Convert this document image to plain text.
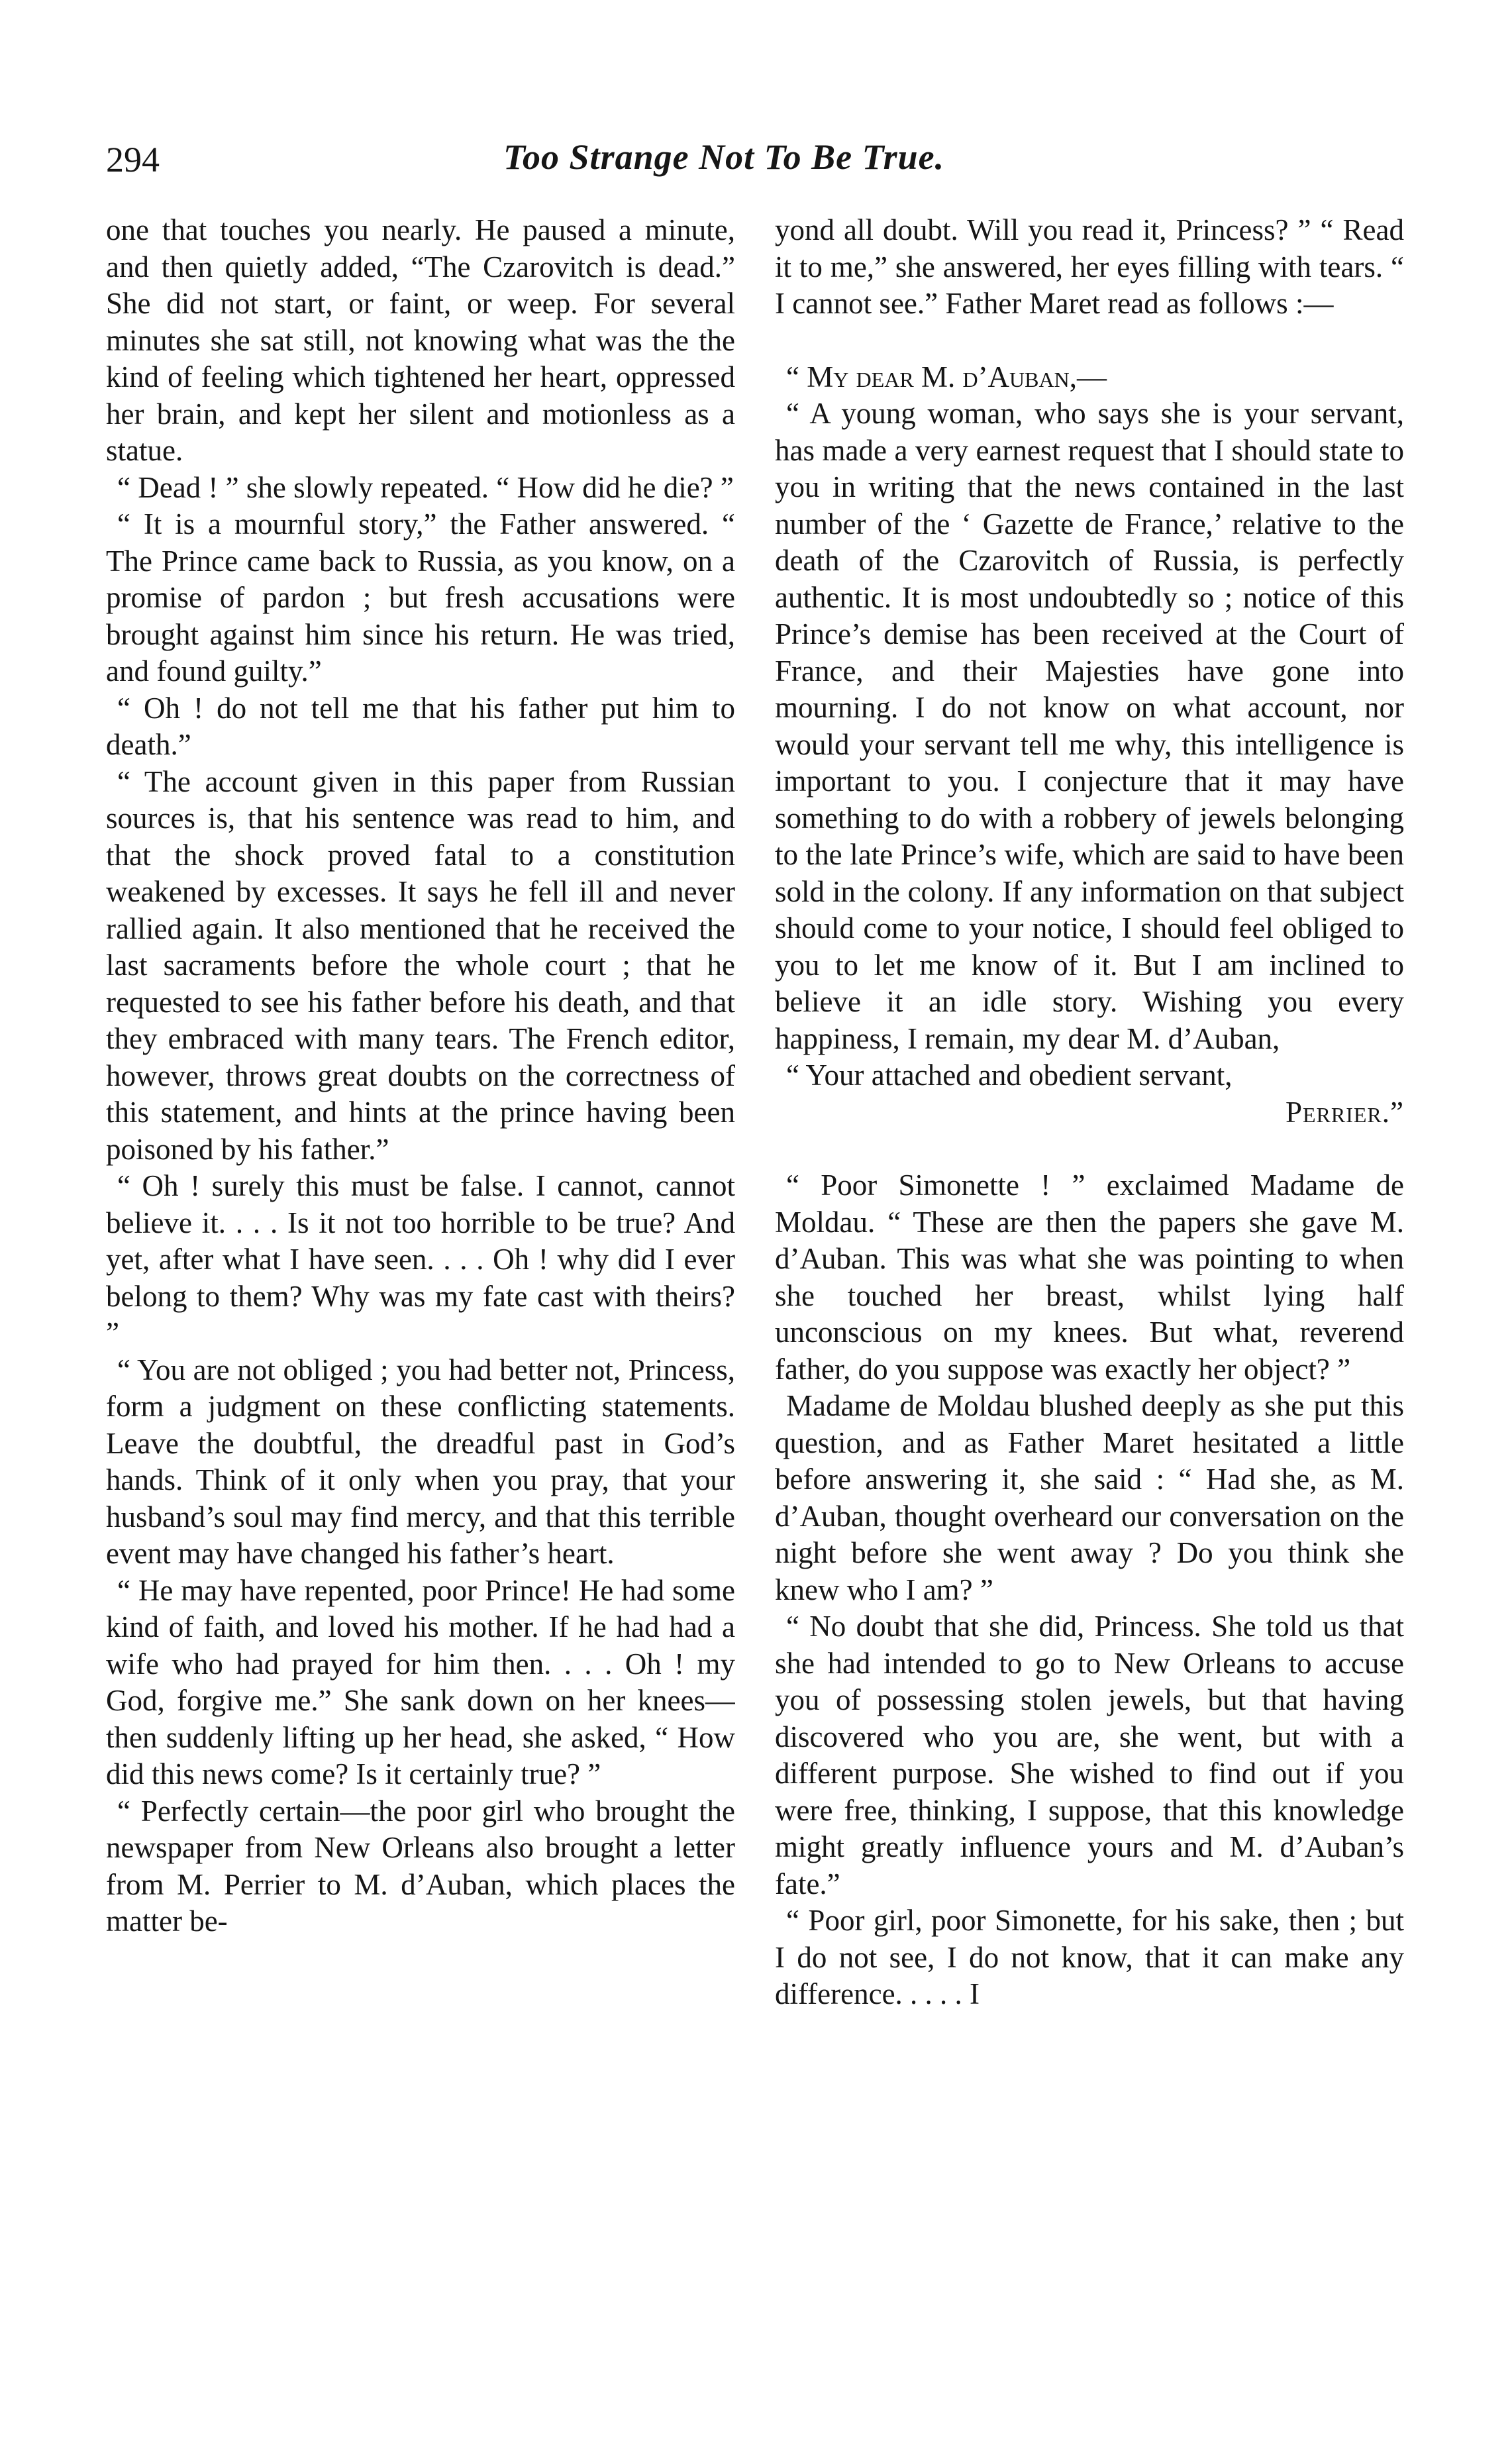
294	Too Strange Not To Be True.

one that touches you nearly. He paused a minute, and then quietly added, “The Czarovitch is dead.” She did not start, or faint, or weep. For several minutes she sat still, not knowing what was the the kind of feeling which tightened her heart, oppressed her brain, and kept her silent and motionless as a statue.

“ Dead ! ” she slowly repeated. “ How did he die? ”

“ It is a mournful story,” the Father answered. “ The Prince came back to Russia, as you know, on a promise of pardon ; but fresh accusations were brought against him since his return. He was tried, and found guilty.”

“ Oh ! do not tell me that his father put him to death.”

“ The account given in this paper from Russian sources is, that his sentence was read to him, and that the shock proved fatal to a constitution weakened by excesses. It says he fell ill and never rallied again. It also mentioned that he received the last sacraments before the whole court ; that he requested to see his father before his death, and that they embraced with many tears. The French editor, however, throws great doubts on the correctness of this statement, and hints at the prince having been poisoned by his father.”

“ Oh ! surely this must be false. I cannot, cannot believe it. . . . Is it not too horrible to be true? And yet, after what I have seen. . . . Oh ! why did I ever belong to them? Why was my fate cast with theirs? ”

“ You are not obliged ; you had better not, Princess, form a judgment on these conflicting statements. Leave the doubtful, the dreadful past in God’s hands. Think of it only when you pray, that your husband’s soul may find mercy, and that this terrible event may have changed his father’s heart.

“ He may have repented, poor Prince! He had some kind of faith, and loved his mother. If he had had a wife who had prayed for him then. . . . Oh ! my God, forgive me.” She sank down on her knees—then suddenly lifting up her head, she asked, “ How did this news come? Is it certainly true? ”

“ Perfectly certain—the poor girl who brought the newspaper from New Orleans also brought a letter from M. Perrier to M. d’Auban, which places the matter be-

yond all doubt. Will you read it, Princess? ” “ Read it to me,” she answered, her eyes filling with tears. “ I cannot see.” Father Maret read as follows :—

“ My dear M. d’Auban,—

“ A young woman, who says she is your servant, has made a very earnest request that I should state to you in writing that the news contained in the last number of the ‘ Gazette de France,’ relative to the death of the Czarovitch of Russia, is perfectly authentic. It is most undoubtedly so ; notice of this Prince’s demise has been received at the Court of France, and their Majesties have gone into mourning. I do not know on what account, nor would your servant tell me why, this intelligence is important to you. I conjecture that it may have something to do with a robbery of jewels belonging to the late Prince’s wife, which are said to have been sold in the colony. If any information on that subject should come to your notice, I should feel obliged to you to let me know of it. But I am inclined to believe it an idle story. Wishing you every happiness, I remain, my dear M. d’Auban,

“ Your attached and obedient servant,

Perrier.”

“ Poor Simonette ! ” exclaimed Madame de Moldau. “ These are then the papers she gave M. d’Auban. This was what she was pointing to when she touched her breast, whilst lying half unconscious on my knees. But what, reverend father, do you suppose was exactly her object? ”

Madame de Moldau blushed deeply as she put this question, and as Father Maret hesitated a little before answering it, she said : “ Had she, as M. d’Auban, thought overheard our conversation on the night before she went away ? Do you think she knew who I am? ”

“ No doubt that she did, Princess. She told us that she had intended to go to New Orleans to accuse you of possessing stolen jewels, but that having discovered who you are, she went, but with a different purpose. She wished to find out if you were free, thinking, I suppose, that this knowledge might greatly influence yours and M. d’Auban’s fate.”

“ Poor girl, poor Simonette, for his sake, then ; but I do not see, I do not know, that it can make any difference. . . . . I
